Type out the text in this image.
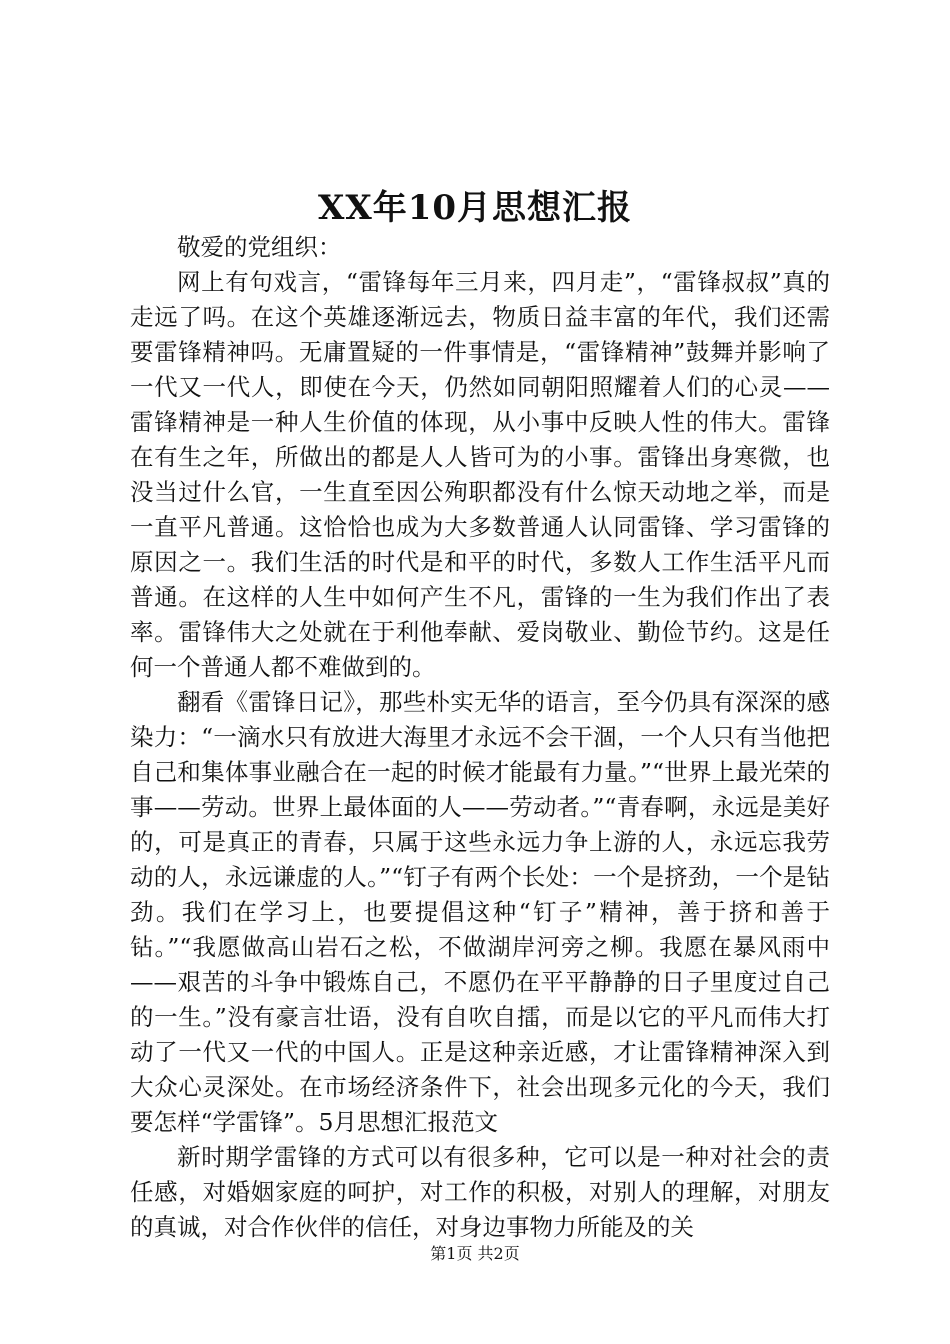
XX年10月思想汇报

敬爱的党组织：

网上有句戏言，“雷锋每年三月来，四月走”，“雷锋叔叔”真的走远了吗。在这个英雄逐渐远去，物质日益丰富的年代，我们还需要雷锋精神吗。无庸置疑的一件事情是，“雷锋精神”鼓舞并影响了一代又一代人，即使在今天，仍然如同朝阳照耀着人们的心灵——雷锋精神是一种人生价值的体现，从小事中反映人性的伟大。雷锋在有生之年，所做出的都是人人皆可为的小事。雷锋出身寒微，也没当过什么官，一生直至因公殉职都没有什么惊天动地之举，而是一直平凡普通。这恰恰也成为大多数普通人认同雷锋、学习雷锋的原因之一。我们生活的时代是和平的时代，多数人工作生活平凡而普通。在这样的人生中如何产生不凡，雷锋的一生为我们作出了表率。雷锋伟大之处就在于利他奉献、爱岗敬业、勤俭节约。这是任何一个普通人都不难做到的。

翻看《雷锋日记》，那些朴实无华的语言，至今仍具有深深的感染力：“一滴水只有放进大海里才永远不会干涸，一个人只有当他把自己和集体事业融合在一起的时候才能最有力量。”“世界上最光荣的事——劳动。世界上最体面的人——劳动者。”“青春啊，永远是美好的，可是真正的青春，只属于这些永远力争上游的人，永远忘我劳动的人，永远谦虚的人。”“钉子有两个长处：一个是挤劲，一个是钻劲。我们在学习上，也要提倡这种“钉子”精神，善于挤和善于钻。”“我愿做高山岩石之松，不做湖岸河旁之柳。我愿在暴风雨中——艰苦的斗争中锻炼自己，不愿仍在平平静静的日子里度过自己的一生。”没有豪言壮语，没有自吹自擂，而是以它的平凡而伟大打动了一代又一代的中国人。正是这种亲近感，才让雷锋精神深入到大众心灵深处。在市场经济条件下，社会出现多元化的今天，我们要怎样“学雷锋”。5月思想汇报范文

新时期学雷锋的方式可以有很多种，它可以是一种对社会的责任感，对婚姻家庭的呵护，对工作的积极，对别人的理解，对朋友的真诚，对合作伙伴的信任，对身边事物力所能及的关

第1页 共2页
